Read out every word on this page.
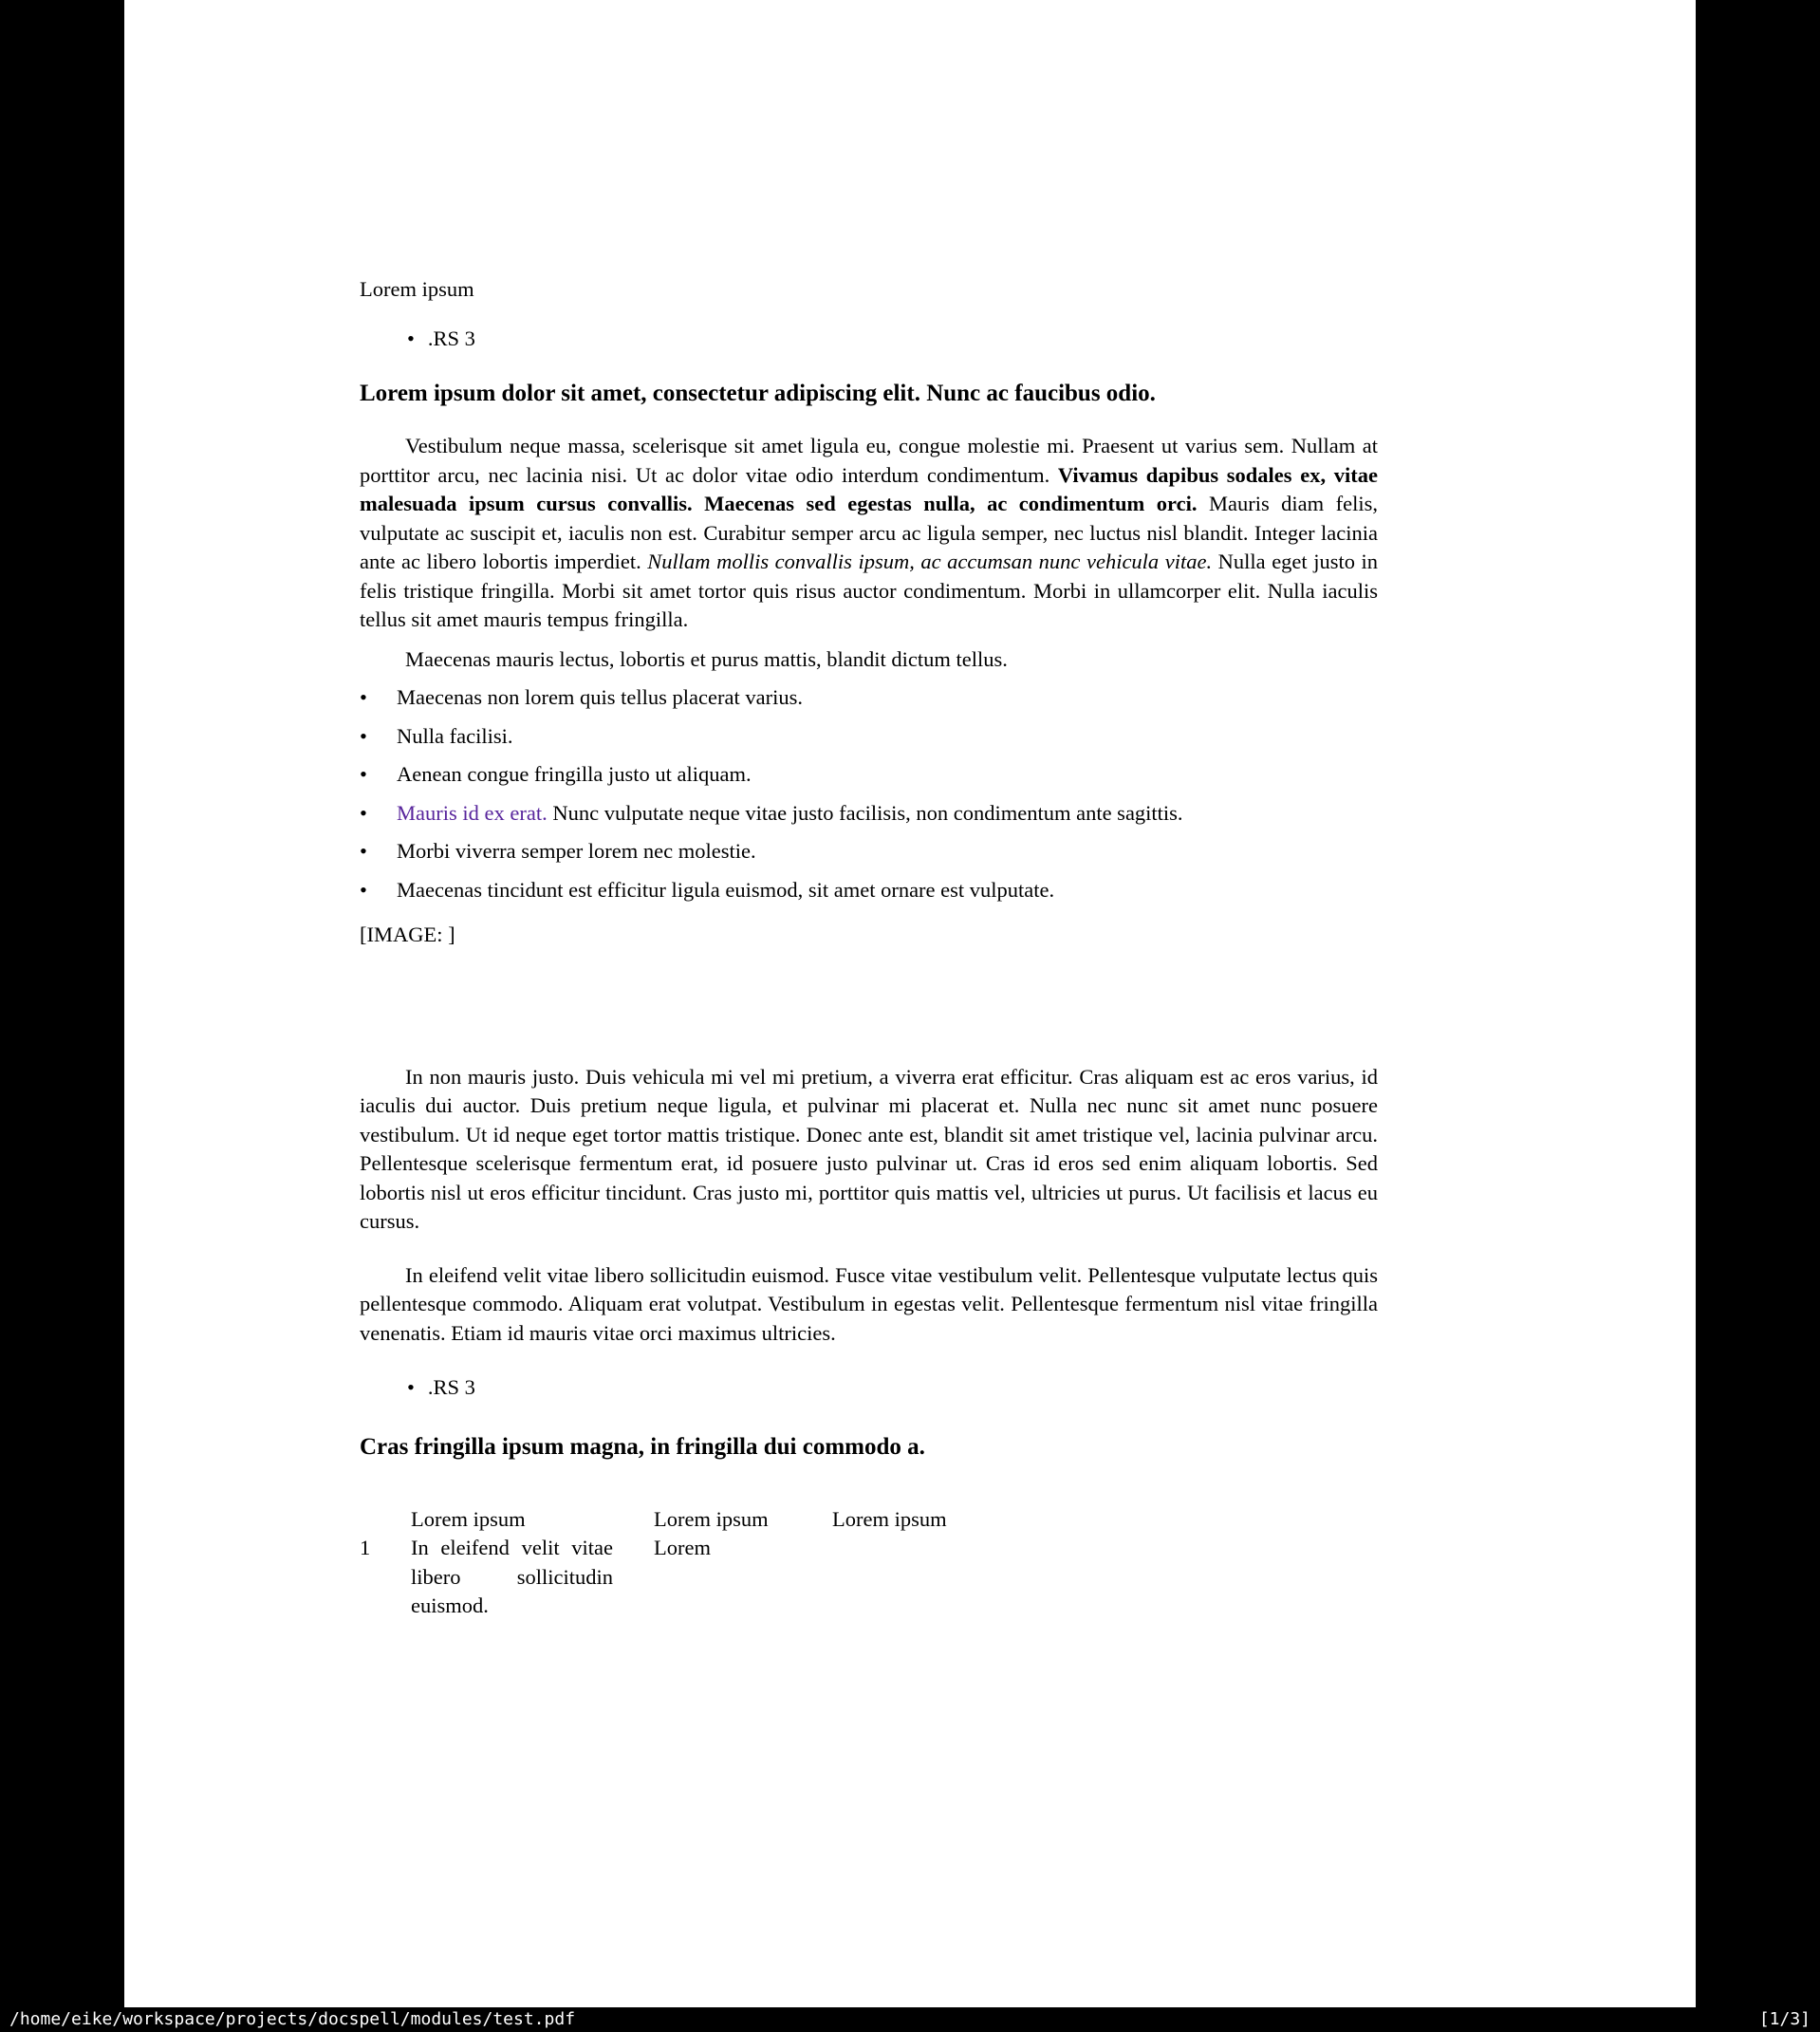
Lorem ipsum
• .RS 3
Lorem ipsum dolor sit amet, consectetur adipiscing elit. Nunc ac faucibus odio.
Vestibulum neque massa, scelerisque sit amet ligula eu, congue molestie mi. Praesent ut varius sem. Nullam at porttitor arcu, nec lacinia nisi. Ut ac dolor vitae odio interdum condimentum. Vivamus dapibus sodales ex, vitae malesuada ipsum cursus convallis. Maecenas sed egestas nulla, ac condimentum orci. Mauris diam felis, vulputate ac suscipit et, iaculis non est. Curabitur semper arcu ac ligula semper, nec luctus nisl blandit. Integer lacinia ante ac libero lobortis imperdiet. Nullam mollis convallis ipsum, ac accumsan nunc vehicula vitae. Nulla eget justo in felis tristique fringilla. Morbi sit amet tortor quis risus auctor condimentum. Morbi in ullamcorper elit. Nulla iaculis tellus sit amet mauris tempus fringilla.
Maecenas mauris lectus, lobortis et purus mattis, blandit dictum tellus.
•	Maecenas non lorem quis tellus placerat varius.
•	Nulla facilisi.
•	Aenean congue fringilla justo ut aliquam.
•	Mauris id ex erat. Nunc vulputate neque vitae justo facilisis, non condimentum ante sagittis.
•	Morbi viverra semper lorem nec molestie.
•	Maecenas tincidunt est efficitur ligula euismod, sit amet ornare est vulputate.
[IMAGE: ]
In non mauris justo. Duis vehicula mi vel mi pretium, a viverra erat efficitur. Cras aliquam est ac eros varius, id iaculis dui auctor. Duis pretium neque ligula, et pulvinar mi placerat et. Nulla nec nunc sit amet nunc posuere vestibulum. Ut id neque eget tortor mattis tristique. Donec ante est, blandit sit amet tristique vel, lacinia pulvinar arcu. Pellentesque scelerisque fermentum erat, id posuere justo pulvinar ut. Cras id eros sed enim aliquam lobortis. Sed lobortis nisl ut eros efficitur tincidunt. Cras justo mi, porttitor quis mattis vel, ultricies ut purus. Ut facilisis et lacus eu cursus.
In eleifend velit vitae libero sollicitudin euismod. Fusce vitae vestibulum velit. Pellentesque vulputate lectus quis pellentesque commodo. Aliquam erat volutpat. Vestibulum in egestas velit. Pellentesque fermentum nisl vitae fringilla venenatis. Etiam id mauris vitae orci maximus ultricies.
• .RS 3
Cras fringilla ipsum magna, in fringilla dui commodo a.
	Lorem ipsum	Lorem ipsum	Lorem ipsum
1	In eleifend velit vitae libero sollicitudin euismod.	Lorem	
/home/eike/workspace/projects/docspell/modules/test.pdf	[1/3]
